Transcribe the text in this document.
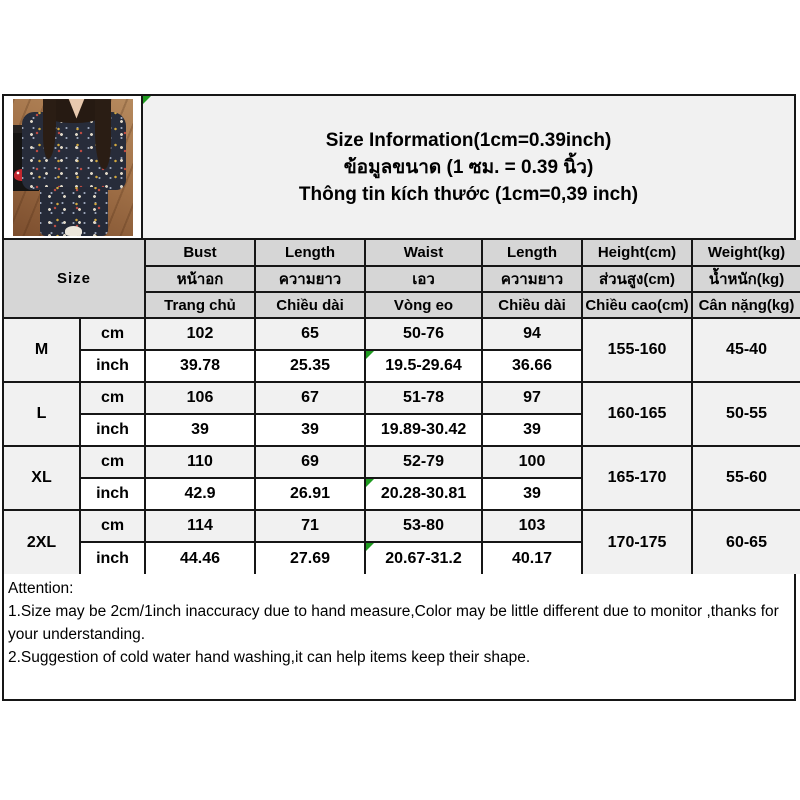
Size Information(1cm=0.39inch)
ข้อมูลขนาด (1 ซม. = 0.39 นิ้ว)
Thông tin kích thước (1cm=0,39 inch)
Size		Bust	Length	Waist	Length	Height(cm)	Weight(kg)
		หน้าอก	ความยาว	เอว	ความยาว	ส่วนสูง(cm)	น้ำหนัก(kg)
		Trang chủ	Chiều dài	Vòng eo	Chiều dài	Chiều cao(cm)	Cân nặng(kg)
M	cm	102	65	50-76	94	155-160	45-40
	inch	39.78	25.35	19.5-29.64	36.66		
L	cm	106	67	51-78	97	160-165	50-55
	inch	39	39	19.89-30.42	39		
XL	cm	110	69	52-79	100	165-170	55-60
	inch	42.9	26.91	20.28-30.81	39		
2XL	cm	114	71	53-80	103	170-175	60-65
	inch	44.46	27.69	20.67-31.2	40.17		

Attention:

1.Size may be 2cm/1inch inaccuracy due to hand measure,Color may be little different due to monitor ,thanks for your understanding.

2.Suggestion of cold water hand washing,it can help items keep their shape.
